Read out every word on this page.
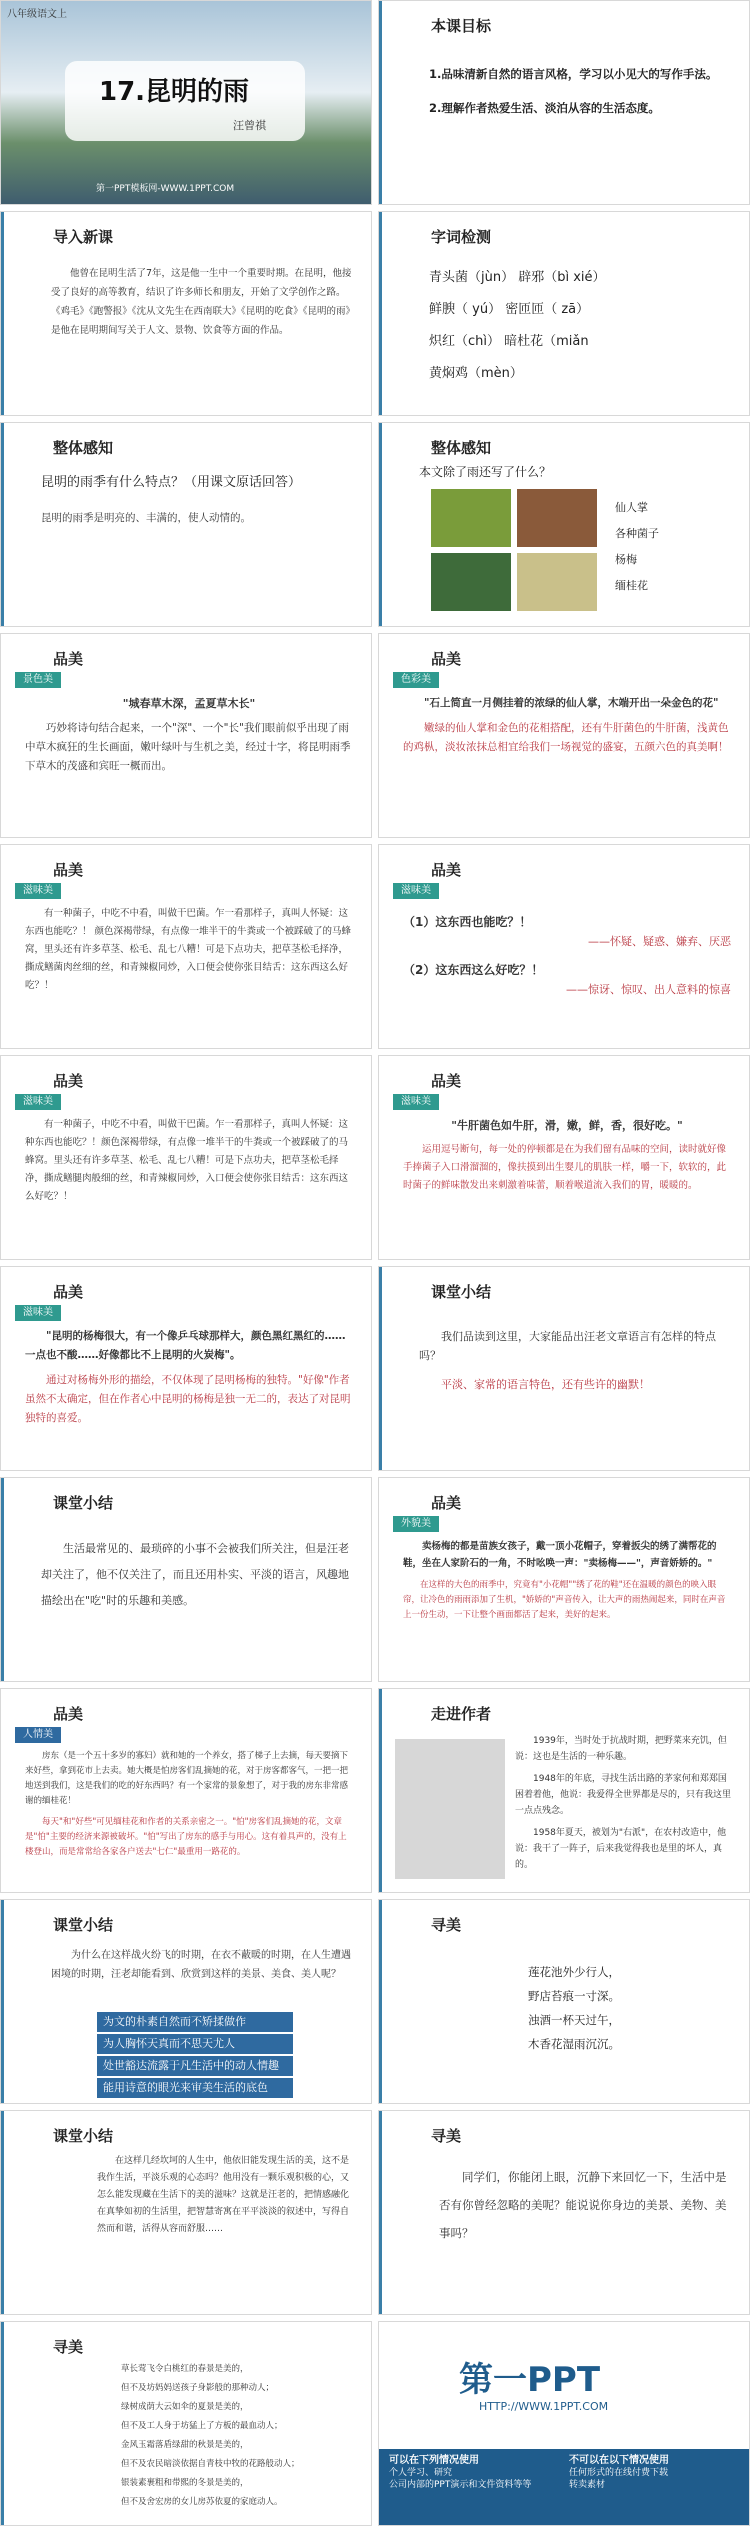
八年级语文上
17.昆明的雨
汪曾祺
第一PPT模板网-WWW.1PPT.COM
本课目标
1.品味清新自然的语言风格，学习以小见大的写作手法。
2.理解作者热爱生活、淡泊从容的生活态度。
导入新课

他曾在昆明生活了7年，这是他一生中一个重要时期。在昆明，他接受了良好的高等教育，结识了许多师长和朋友，开始了文学创作之路。《鸡毛》《跑警报》《沈从文先生在西南联大》《昆明的吃食》《昆明的雨》是他在昆明期间写关于人文、景物、饮食等方面的作品。

字词检测
青头菌（jùn） 辟邪（bì xié）
鲜腴（ yú） 密匝匝（ zā）
炽红（chì） 暗杜花（miǎn
黄焖鸡（mèn）
整体感知
昆明的雨季有什么特点？（用课文原话回答）
昆明的雨季是明亮的、丰满的，使人动情的。
整体感知
本文除了雨还写了什么？
仙人掌
各种菌子
杨梅
缅桂花
品美
景色美
"城春草木深，孟夏草木长"

巧妙将诗句结合起来，一个"深"、一个"长"我们眼前似乎出现了雨中草木疯狂的生长画面，嫩叶绿叶与生机之美，经过十字，将昆明雨季下草木的茂盛和宾旺一概而出。

品美
色彩美

"石上简直一月侧挂着的浓绿的仙人掌，木端开出一朵金色的花"

嫩绿的仙人掌和金色的花相搭配，还有牛肝菌色的牛肝菌，浅黄色的鸡枞，淡妆浓抹总相宜给我们一场视觉的盛宴，五颜六色的真美啊！

品美
滋味美

有一种菌子，中吃不中看，叫做干巴菌。乍一看那样子，真叫人怀疑：这东西也能吃？！ 颜色深褐带绿，有点像一堆半干的牛粪或一个被踩破了的马蜂窝，里头还有许多草茎、松毛、乱七八糟！可是下点功夫，把草茎松毛择净，撕成鳝菌肉丝细的丝，和青辣椒同炒，入口便会使你张目结舌：这东西这么好吃？！

品美
滋味美
（1）这东西也能吃？！
——怀疑、疑惑、嫌弃、厌恶
（2）这东西这么好吃？！
——惊讶、惊叹、出人意料的惊喜
品美
滋味美

有一种菌子，中吃不中看，叫做干巴菌。乍一看那样子，真叫人怀疑：这种东西也能吃？！颜色深褐带绿，有点像一堆半干的牛粪或一个被踩破了的马蜂窝。里头还有许多草茎、松毛、乱七八糟！可是下点功夫，把草茎松毛择净，撕成鳝腿肉般细的丝，和青辣椒同炒，入口便会使你张目结舌：这东西这么好吃？！

品美
滋味美
"牛肝菌色如牛肝，滑，嫩，鲜，香，很好吃。"

运用逗号断句，每一处的停顿都是在为我们留有品味的空间，读时就好像手捧菌子入口滑溜溜的，像扶摸到出生婴儿的肌肤一样，嚼一下，软软的，此时菌子的鲜味散发出来刺激着味蕾，顺着喉道流入我们的胃，暖暖的。

品美
滋味美

"昆明的杨梅很大，有一个像乒乓球那样大，颜色黑红黑红的……一点也不酸……好像都比不上昆明的火炭梅"。

通过对杨梅外形的描绘，不仅体现了昆明杨梅的独特。"好像"作者虽然不太确定，但在作者心中昆明的杨梅是独一无二的，表达了对昆明独特的喜爱。

课堂小结

我们品读到这里，大家能品出汪老文章语言有怎样的特点吗？

平淡、家常的语言特色，还有些许的幽默！

课堂小结

生活最常见的、最琐碎的小事不会被我们所关注，但是汪老却关注了，他不仅关注了，而且还用朴实、平淡的语言，风趣地描绘出在"吃"时的乐趣和美感。

品美
外貌美

卖杨梅的都是苗族女孩子，戴一顶小花帽子，穿着扳尖的绣了满帮花的鞋，坐在人家阶石的一角，不时吆唤一声："卖杨梅——"，声音娇娇的。"

在这样的大色的雨季中，究竟有"小花帽""绣了花的鞋"还在温暖的颜色的映入眼帘，让冷色的雨雨添加了生机，"娇娇的"声音传入，让大声的雨热闹起来，同时在声音上一份生动，一下让整个画面都活了起来，美好的起来。

品美
人情美

房东（是一个五十多岁的寡妇）就和她的一个养女，搭了梯子上去摘，每天要摘下来好些，拿到花市上去卖。她大概是怕房客们乱摘她的花，对于房客都客气，一把一把地送到我们，这是我们的吃的好东西吗？有一个家常的景象想了，对于我的房东非常感谢的缅桂花！

每天"和"好些"可见缅桂花和作者的关系亲密之一。"怕"房客们乱摘她的花，文章是"怕"主要的经济来源被破坏。"怕"写出了房东的感手与用心。这有着具声的，没有上楼登山，而是常常给各家各户送去"七仁"最重用一路花的。

走进作者

1939年，当时处于抗战时期，把野菜来充饥，但说：这也是生活的一种乐趣。

1948年的年底，寻找生活出路的茅家何和郑郑国困着着他，他说：我爱得全世界都是尽的，只有我这里一点点残念。

1958年夏天，被划为"右派"，在农村改造中，他说：我干了一阵子，后来我觉得我也是里的坏人，真的。

课堂小结

为什么在这样战火纷飞的时期，在衣不蔽暖的时期，在人生遭遇困境的时期，汪老却能看到、欣赏到这样的美景、美食、美人呢？

为文的朴素自然而不矫揉做作
为人胸怀天真而不思天尤人
处世豁达流露于凡生活中的动人情趣
能用诗意的眼光来审美生活的底色
寻美
莲花池外少行人，
野店苔痕一寸深。
浊酒一杯天过午，
木香花湿雨沉沉。
课堂小结

在这样几经坎坷的人生中，他依旧能发现生活的美，这不是我作生活，平淡乐观的心态吗？他用没有一颗乐观积极的心，又怎么能发现藏在生活下的美的滋味？这就是汪老的，把情感融化在真挚如初的生活里，把智慧寄寓在平平淡淡的叙述中，写得自然而和谐，活得从容而舒服……

寻美

同学们，你能闭上眼，沉静下来回忆一下，生活中是否有你曾经忽略的美呢？能说说你身边的美景、美物、美事吗？

寻美
草长莺飞令白桃红的春景是美的，
但不及坊妈妈送孩子身影般的那种动人；
绿树成荫大云如伞的夏景是美的，
但不及工人身于坊猛上了方板的最血动人；
金风玉霜落盾绿甜的秋景是美的，
但不及农民暗淡依据自青枝中牧的花路般动人；
银装素裹粗和带熙的冬景是美的，
但不及舍宏房的女儿房苏依夏的家庭动人。
第一PPT
HTTP://WWW.1PPT.COM
可以在下列情况使用
个人学习、研究
公司内部的PPT演示和文件资料等等
不可以在以下情况使用
任何形式的在线付费下载
转卖素材
